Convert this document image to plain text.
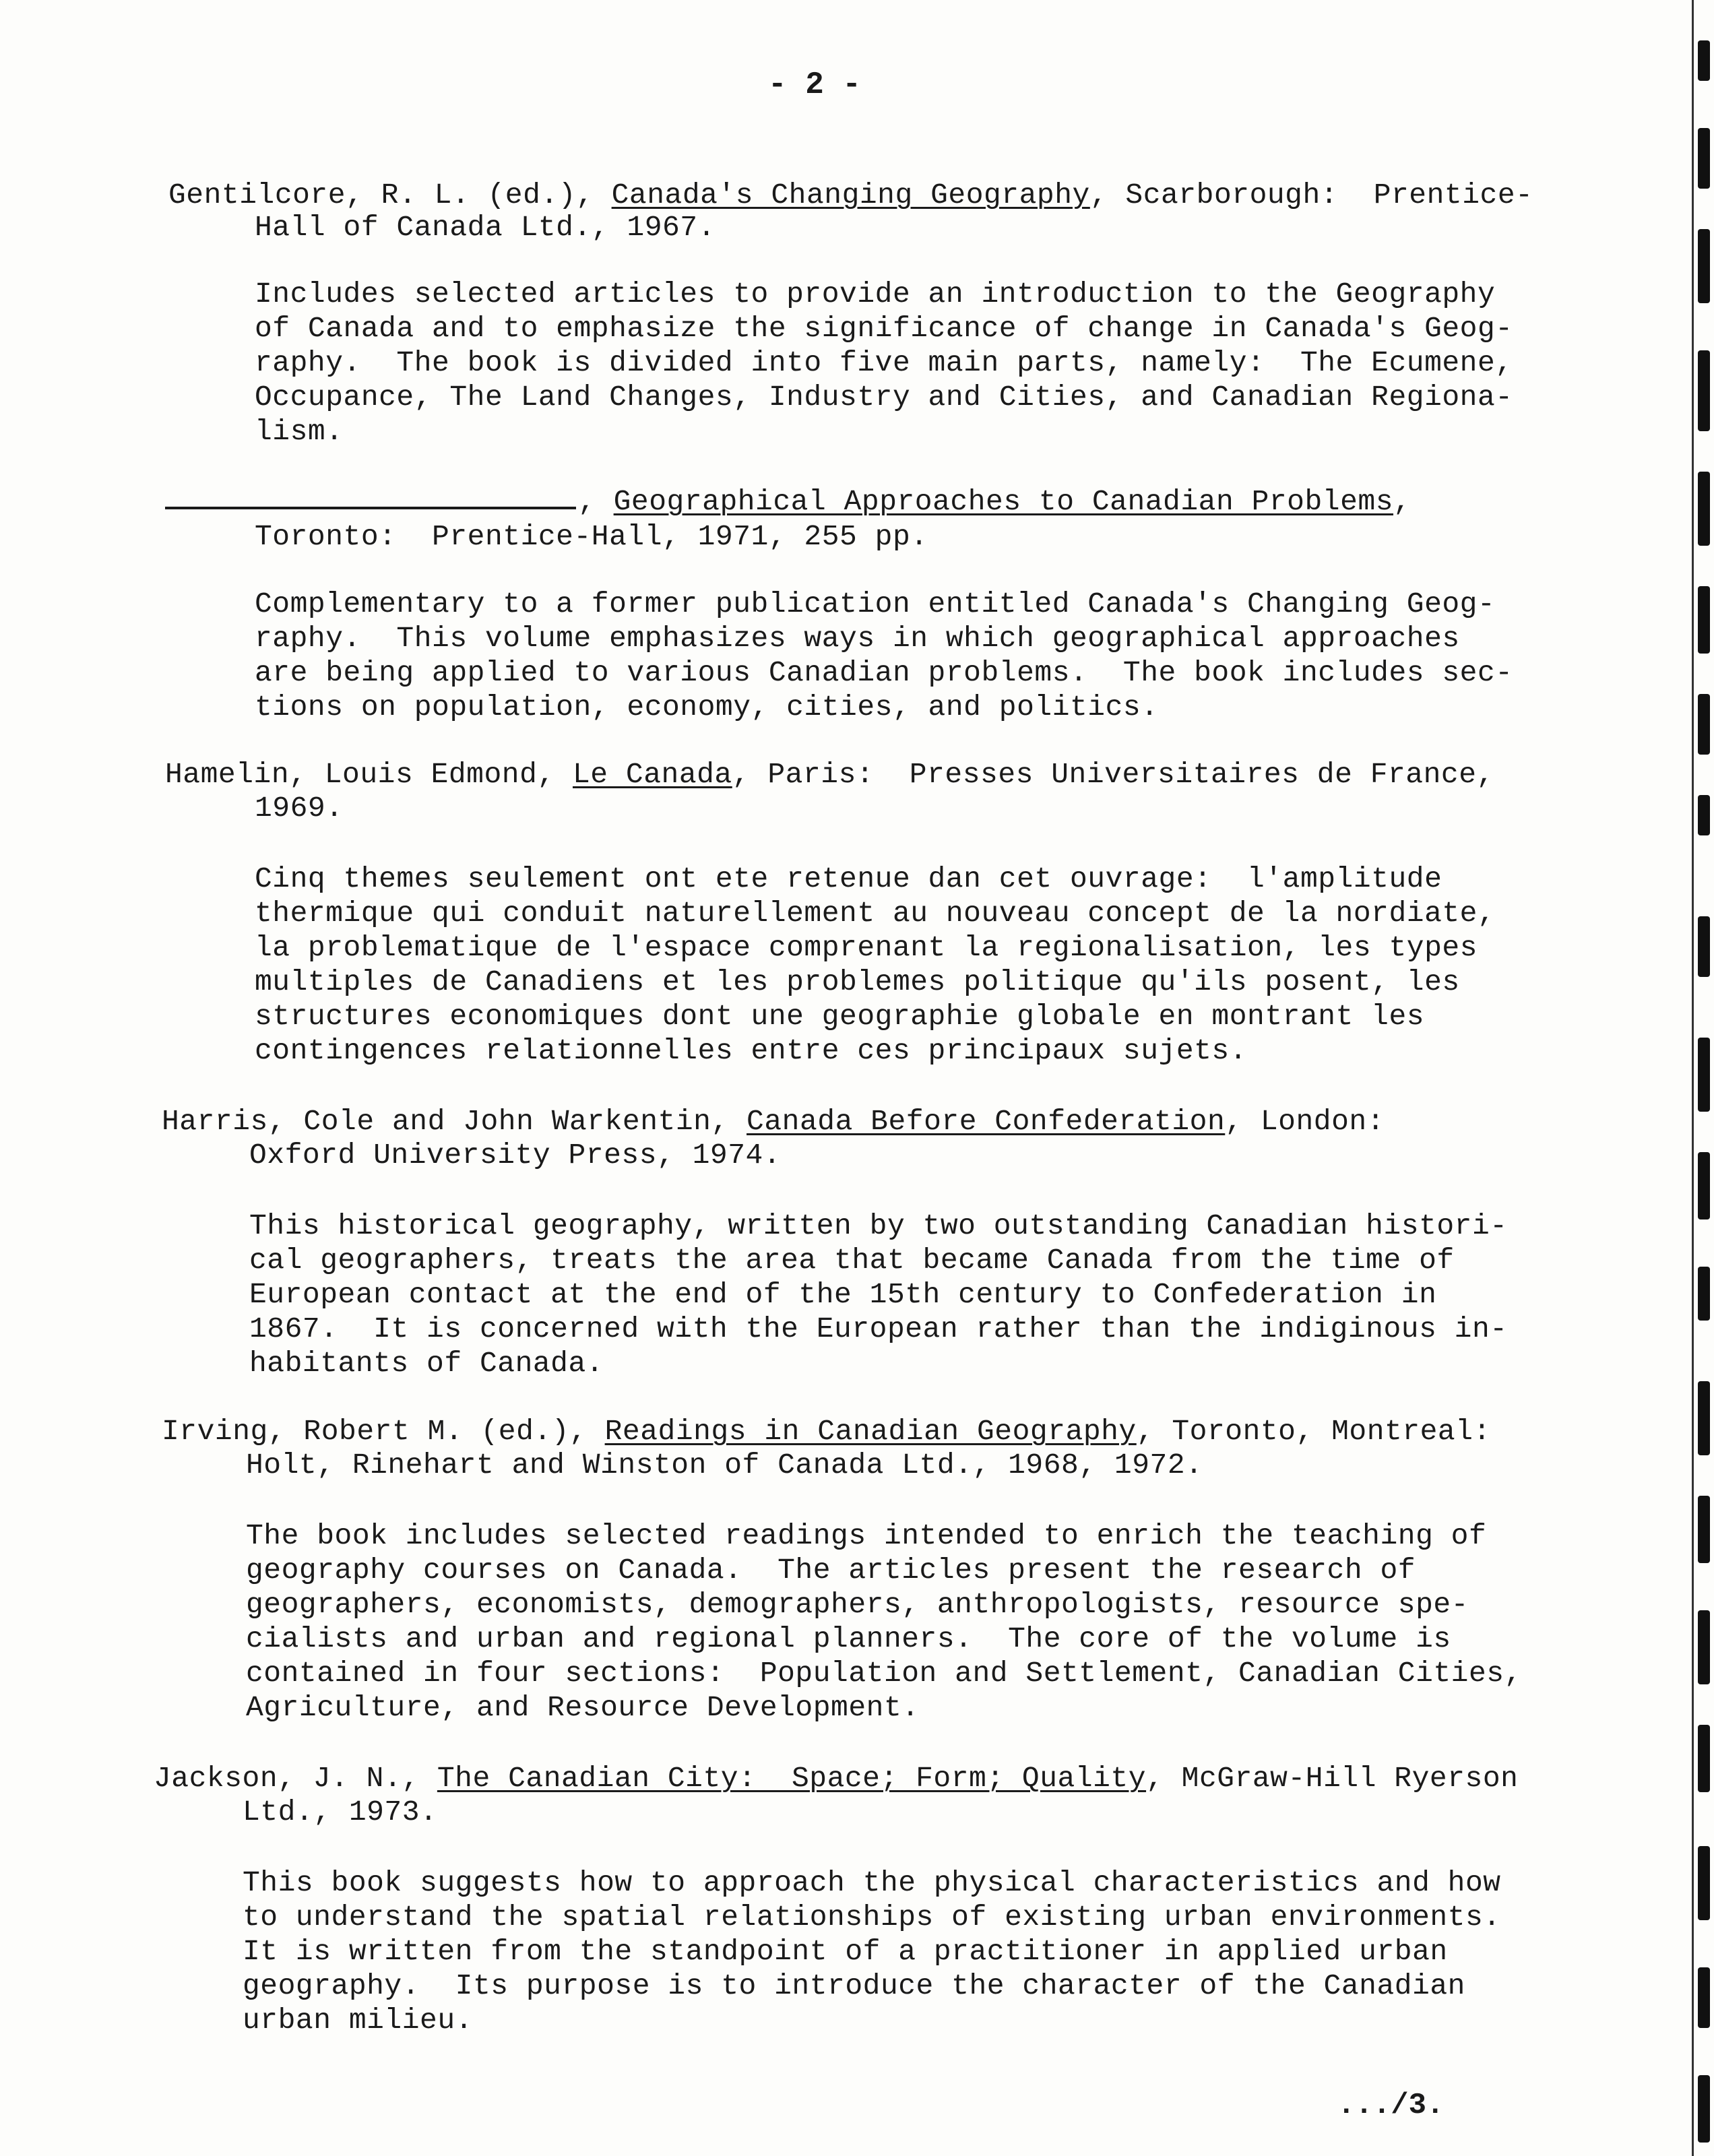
- 2 -
Gentilcore, R. L. (ed.), Canada's Changing Geography, Scarborough:  Prentice-
Hall of Canada Ltd., 1967.
Includes selected articles to provide an introduction to the Geography
of Canada and to emphasize the significance of change in Canada's Geog-
raphy.  The book is divided into five main parts, namely:  The Ecumene,
Occupance, The Land Changes, Industry and Cities, and Canadian Regiona-
lism.
, Geographical Approaches to Canadian Problems,
Toronto:  Prentice-Hall, 1971, 255 pp.
Complementary to a former publication entitled Canada's Changing Geog-
raphy.  This volume emphasizes ways in which geographical approaches
are being applied to various Canadian problems.  The book includes sec-
tions on population, economy, cities, and politics.
Hamelin, Louis Edmond, Le Canada, Paris:  Presses Universitaires de France,
1969.
Cinq themes seulement ont ete retenue dan cet ouvrage:  l'amplitude
thermique qui conduit naturellement au nouveau concept de la nordiate,
la problematique de l'espace comprenant la regionalisation, les types
multiples de Canadiens et les problemes politique qu'ils posent, les
structures economiques dont une geographie globale en montrant les
contingences relationnelles entre ces principaux sujets.
Harris, Cole and John Warkentin, Canada Before Confederation, London:
Oxford University Press, 1974.
This historical geography, written by two outstanding Canadian histori-
cal geographers, treats the area that became Canada from the time of
European contact at the end of the 15th century to Confederation in
1867.  It is concerned with the European rather than the indiginous in-
habitants of Canada.
Irving, Robert M. (ed.), Readings in Canadian Geography, Toronto, Montreal:
Holt, Rinehart and Winston of Canada Ltd., 1968, 1972.
The book includes selected readings intended to enrich the teaching of
geography courses on Canada.  The articles present the research of
geographers, economists, demographers, anthropologists, resource spe-
cialists and urban and regional planners.  The core of the volume is
contained in four sections:  Population and Settlement, Canadian Cities,
Agriculture, and Resource Development.
Jackson, J. N., The Canadian City:  Space; Form; Quality, McGraw-Hill Ryerson
Ltd., 1973.
This book suggests how to approach the physical characteristics and how
to understand the spatial relationships of existing urban environments.
It is written from the standpoint of a practitioner in applied urban
geography.  Its purpose is to introduce the character of the Canadian
urban milieu.
.../3.
